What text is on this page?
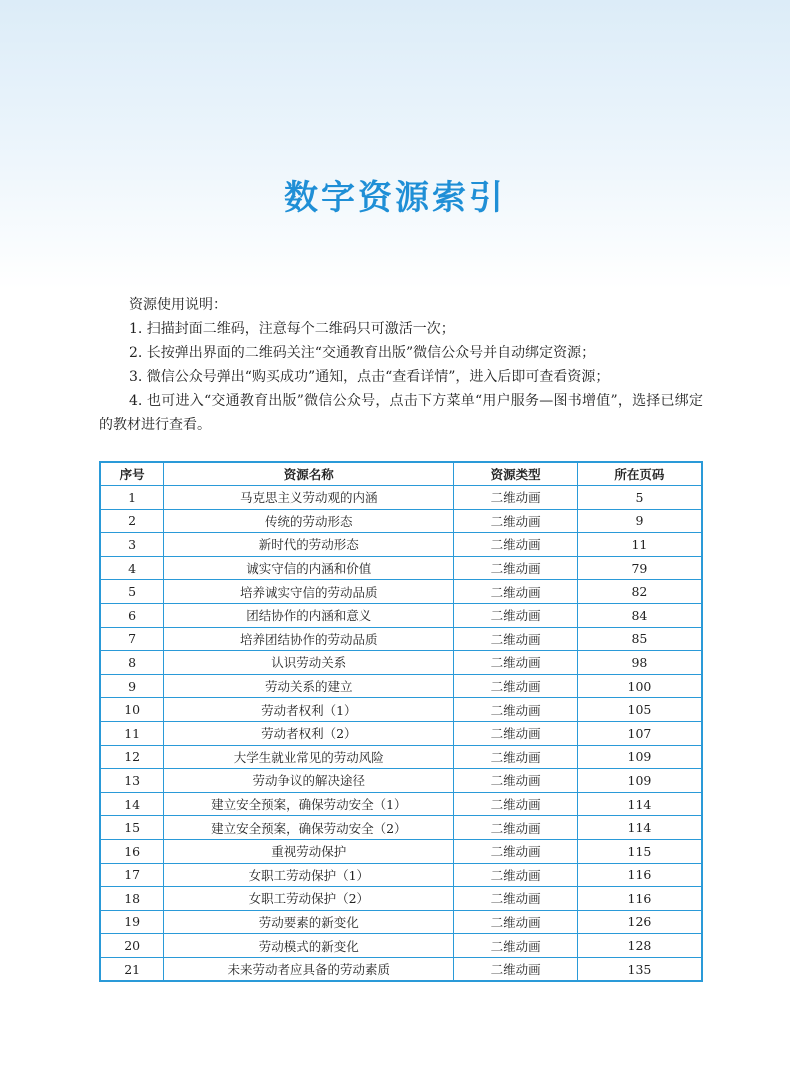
数字资源索引
资源使用说明：

1. 扫描封面二维码，注意每个二维码只可激活一次；

2. 长按弹出界面的二维码关注“交通教育出版”微信公众号并自动绑定资源；

3. 微信公众号弹出“购买成功”通知，点击“查看详情”，进入后即可查看资源；

4. 也可进入“交通教育出版”微信公众号，点击下方菜单“用户服务—图书增值”，选择已绑定的教材进行查看。

序号	资源名称	资源类型	所在页码
1	马克思主义劳动观的内涵	二维动画	5
2	传统的劳动形态	二维动画	9
3	新时代的劳动形态	二维动画	11
4	诚实守信的内涵和价值	二维动画	79
5	培养诚实守信的劳动品质	二维动画	82
6	团结协作的内涵和意义	二维动画	84
7	培养团结协作的劳动品质	二维动画	85
8	认识劳动关系	二维动画	98
9	劳动关系的建立	二维动画	100
10	劳动者权利（1）	二维动画	105
11	劳动者权利（2）	二维动画	107
12	大学生就业常见的劳动风险	二维动画	109
13	劳动争议的解决途径	二维动画	109
14	建立安全预案，确保劳动安全（1）	二维动画	114
15	建立安全预案，确保劳动安全（2）	二维动画	114
16	重视劳动保护	二维动画	115
17	女职工劳动保护（1）	二维动画	116
18	女职工劳动保护（2）	二维动画	116
19	劳动要素的新变化	二维动画	126
20	劳动模式的新变化	二维动画	128
21	未来劳动者应具备的劳动素质	二维动画	135
